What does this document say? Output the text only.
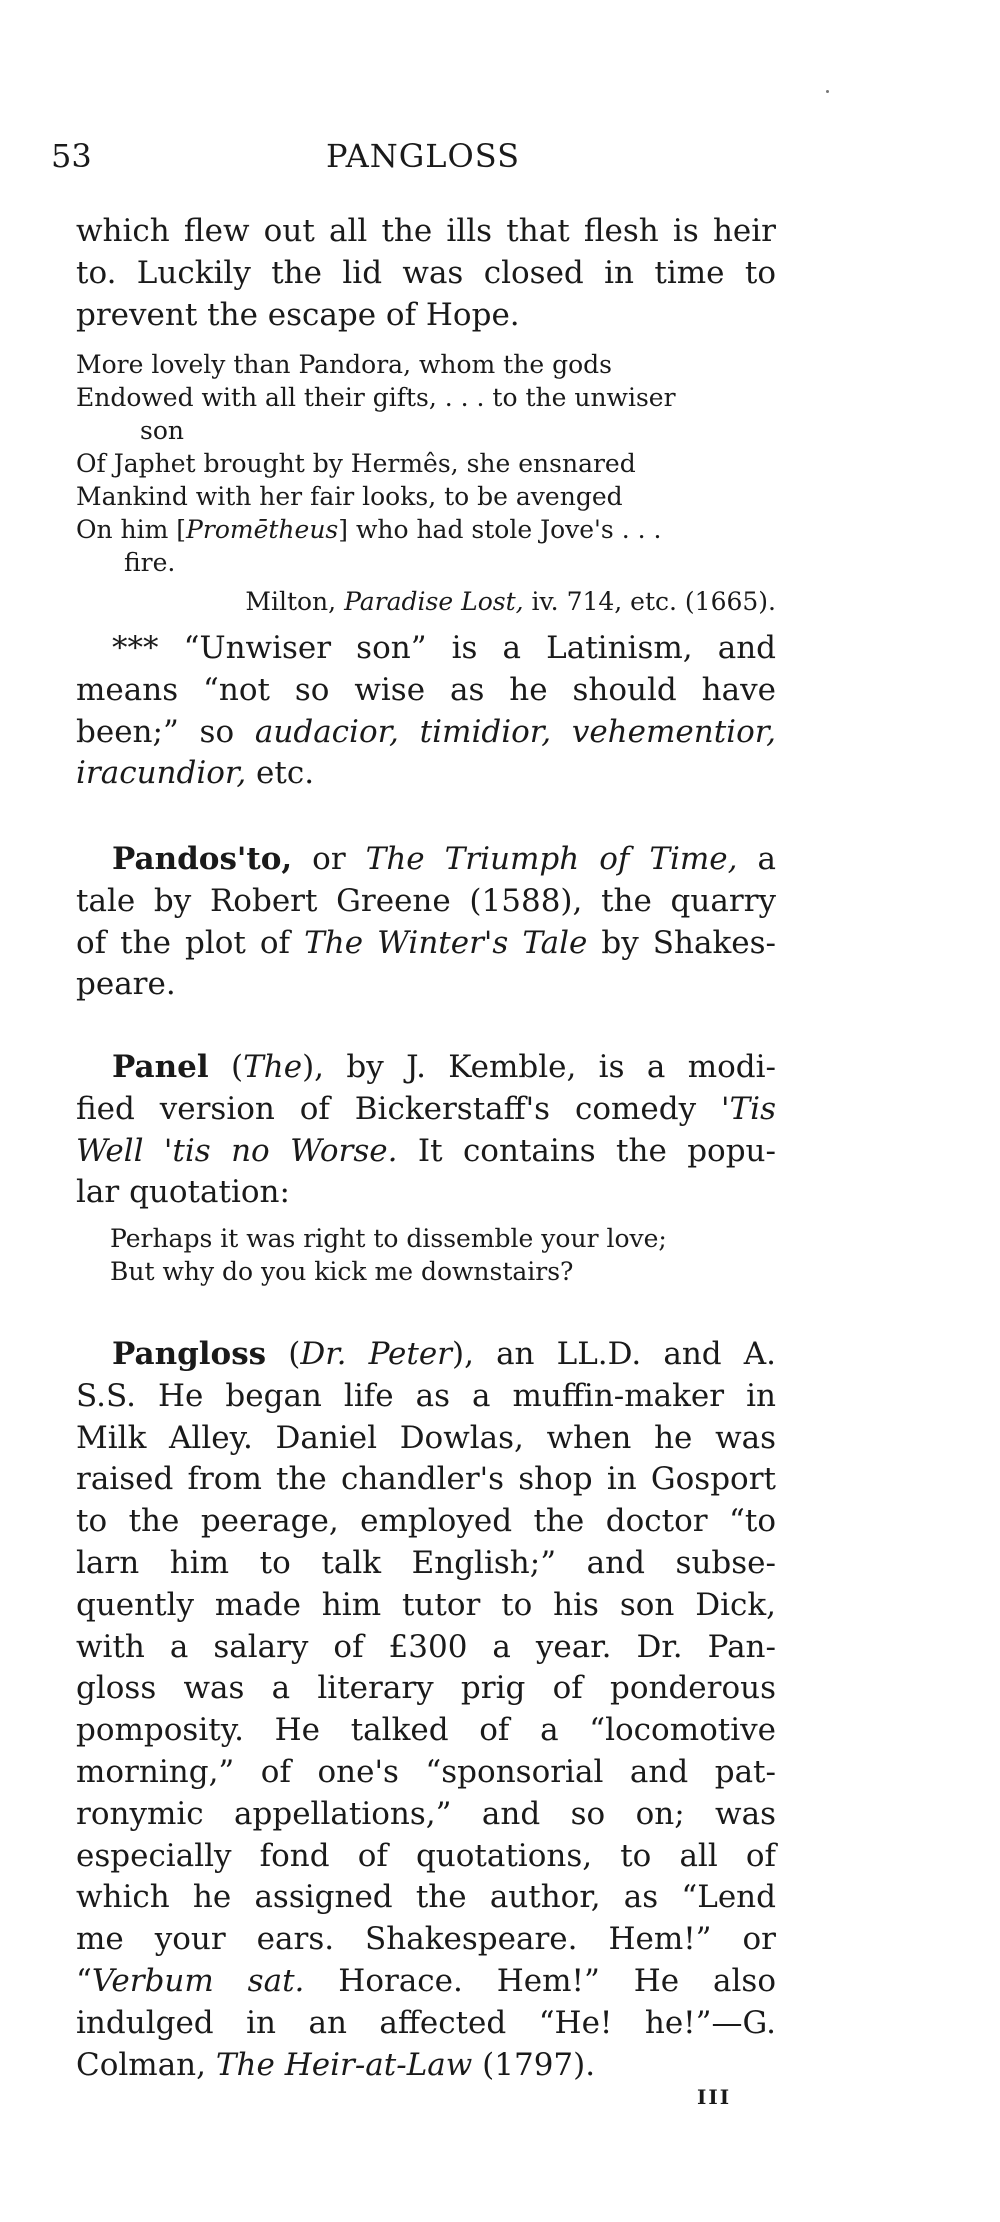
53	PANGLOSS
which flew out all the ills that flesh is heir
to. Luckily the lid was closed in time to
prevent the escape of Hope.
More lovely than Pandora, whom the gods
Endowed with all their gifts, . . . to the unwiser
son
Of Japhet brought by Hermês, she ensnared
Mankind with her fair looks, to be avenged
On him [Promētheus] who had stole Jove's . . .
fire.
Milton, Paradise Lost, iv. 714, etc. (1665).
*** “Unwiser son” is a Latinism, and
means “not so wise as he should have
been;” so audacior, timidior, vehementior,
iracundior, etc.
Pandos'to, or The Triumph of Time, a
tale by Robert Greene (1588), the quarry
of the plot of The Winter's Tale by Shakes-
peare.
Panel (The), by J. Kemble, is a modi-
fied version of Bickerstaff's comedy 'Tis
Well 'tis no Worse. It contains the popu-
lar quotation:
Perhaps it was right to dissemble your love;
But why do you kick me downstairs?
Pangloss (Dr. Peter), an LL.D. and A.
S.S. He began life as a muffin-maker in
Milk Alley. Daniel Dowlas, when he was
raised from the chandler's shop in Gosport
to the peerage, employed the doctor “to
larn him to talk English;” and subse-
quently made him tutor to his son Dick,
with a salary of £300 a year. Dr. Pan-
gloss was a literary prig of ponderous
pomposity. He talked of a “locomotive
morning,” of one's “sponsorial and pat-
ronymic appellations,” and so on; was
especially fond of quotations, to all of
which he assigned the author, as “Lend
me your ears. Shakespeare. Hem!” or
“Verbum sat. Horace. Hem!” He also
indulged in an affected “He! he!”—G.
Colman, The Heir-at-Law (1797).
III
